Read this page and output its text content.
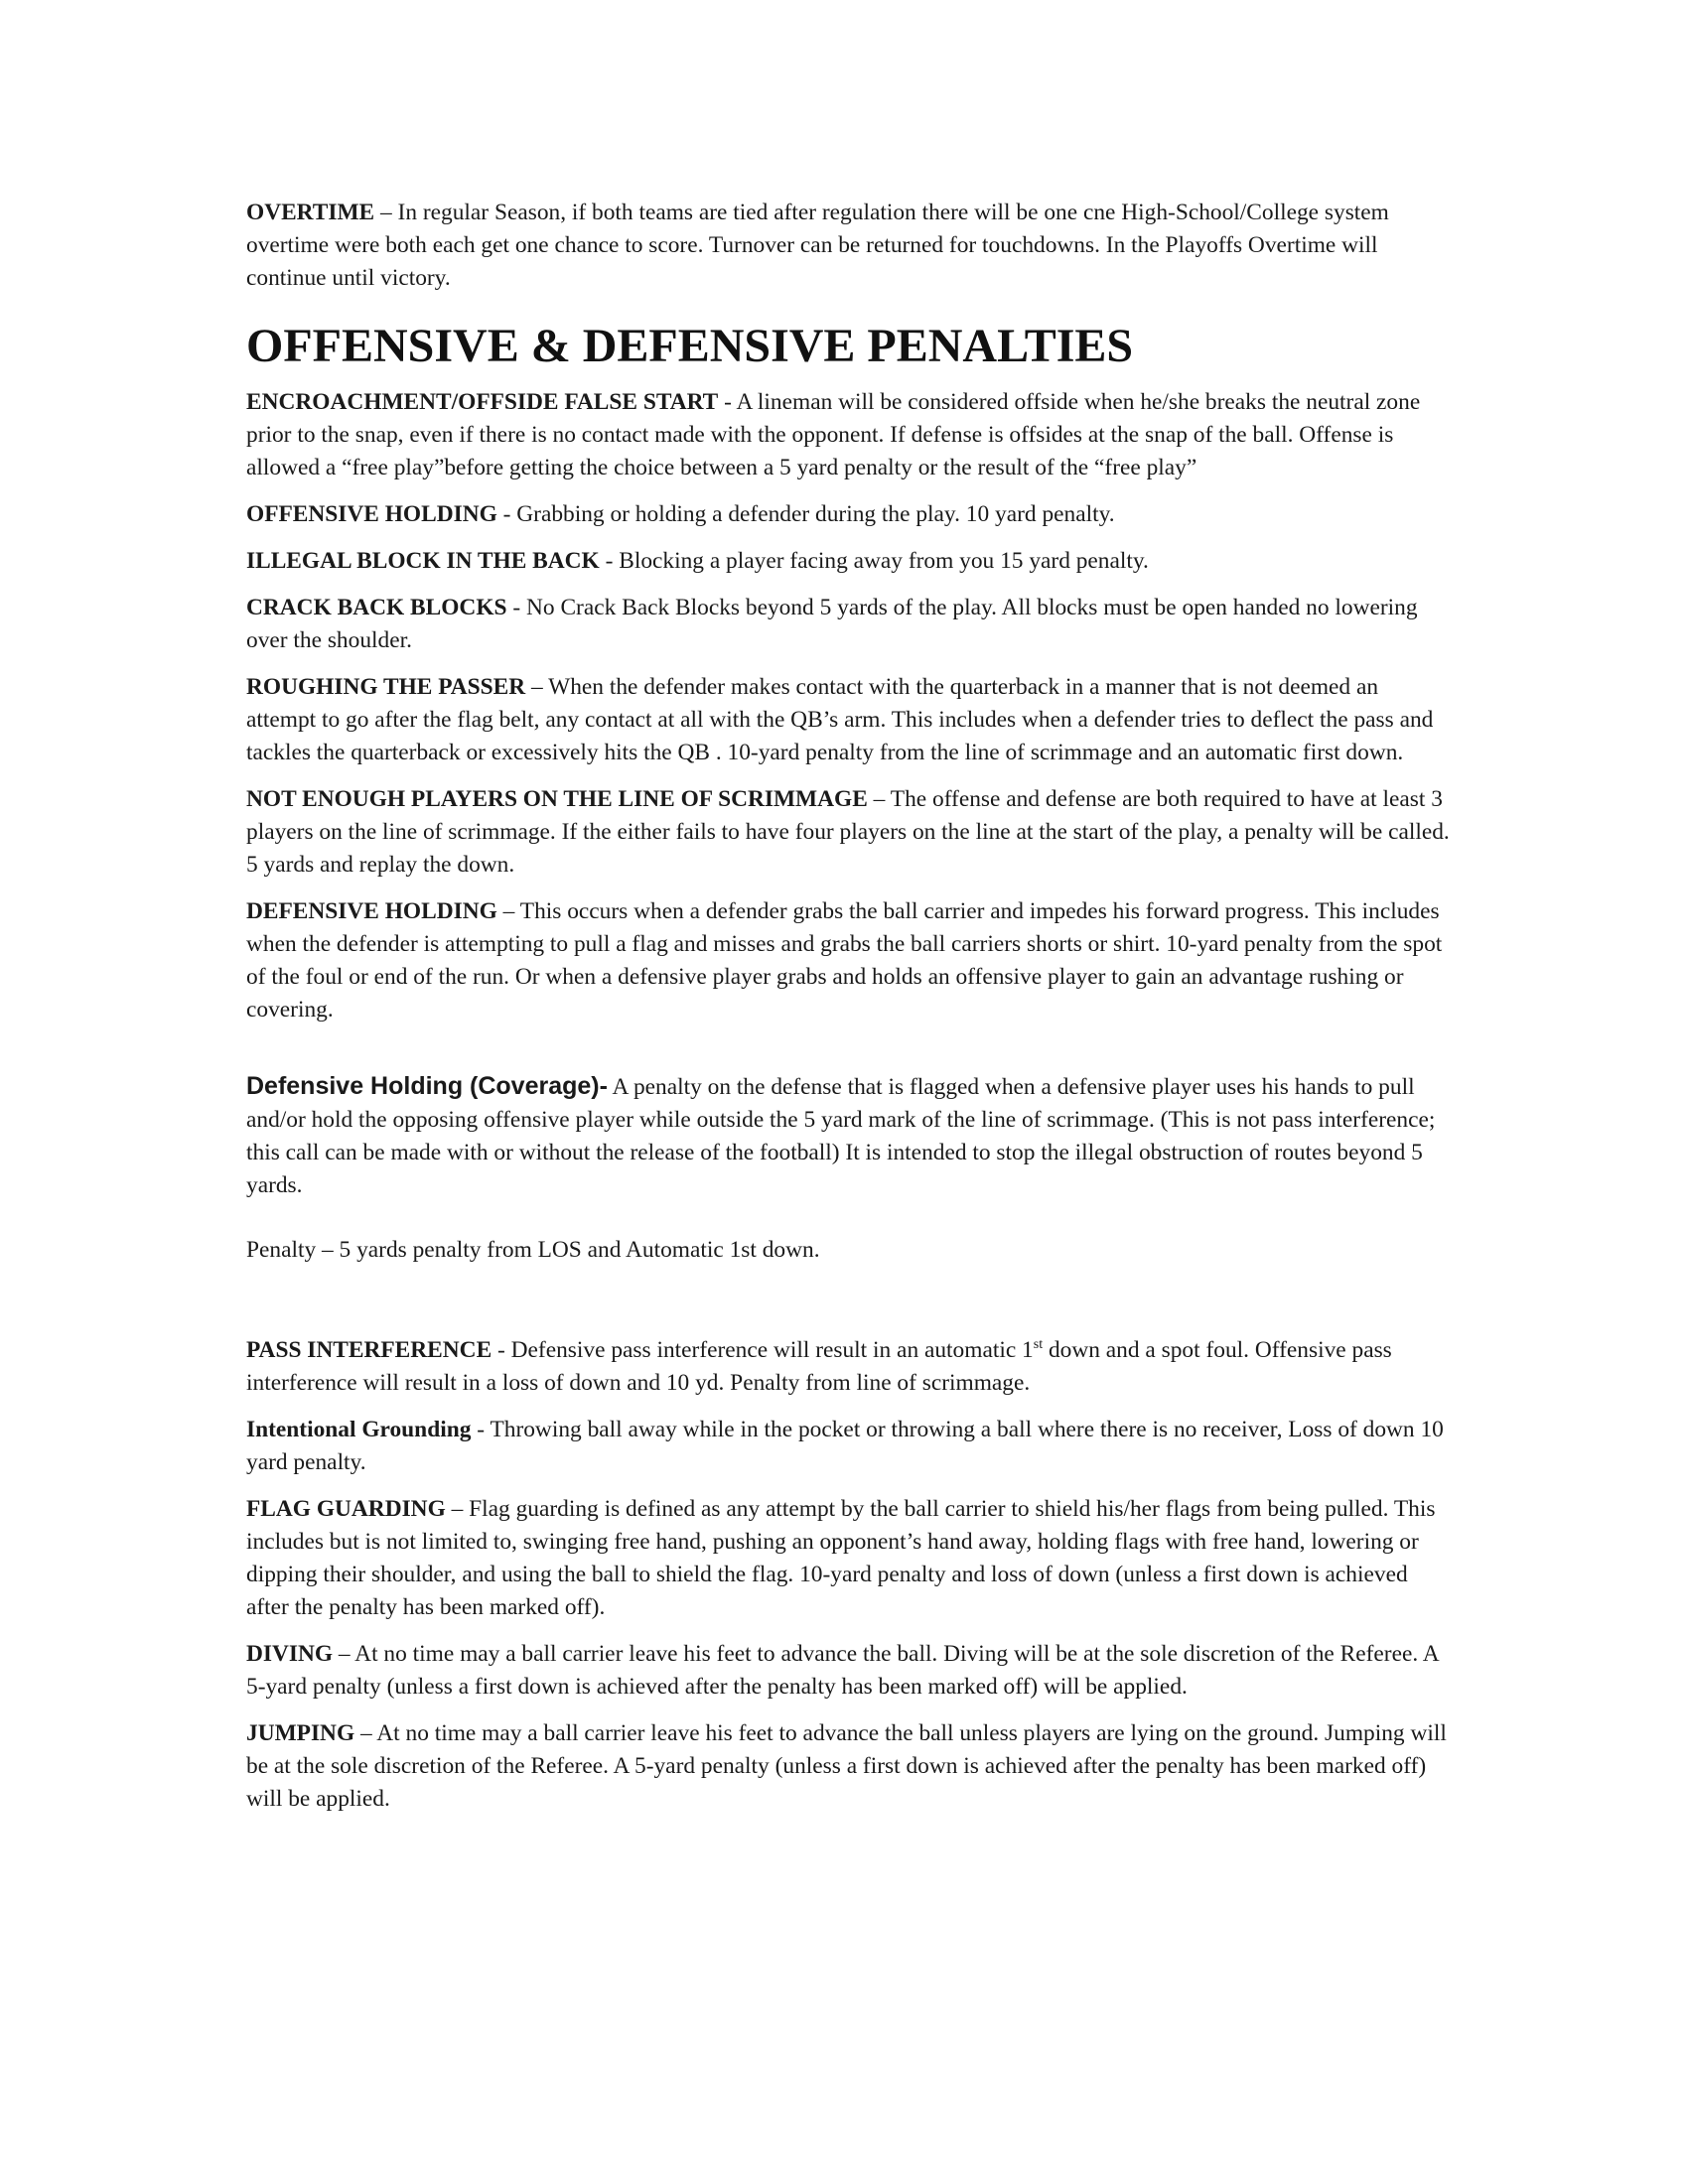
OVERTIME – In regular Season, if both teams are tied after regulation there will be one cne High-School/College system overtime were both each get one chance to score. Turnover can be returned for touchdowns. In the Playoffs Overtime will continue until victory.

OFFENSIVE & DEFENSIVE PENALTIES

ENCROACHMENT/OFFSIDE FALSE START - A lineman will be considered offside when he/she breaks the neutral zone prior to the snap, even if there is no contact made with the opponent. If defense is offsides at the snap of the ball. Offense is allowed a “free play”before getting the choice between a 5 yard penalty or the result of the “free play”

OFFENSIVE HOLDING - Grabbing or holding a defender during the play. 10 yard penalty.

ILLEGAL BLOCK IN THE BACK - Blocking a player facing away from you 15 yard penalty.

CRACK BACK BLOCKS - No Crack Back Blocks beyond 5 yards of the play. All blocks must be open handed no lowering over the shoulder.

ROUGHING THE PASSER – When the defender makes contact with the quarterback in a manner that is not deemed an attempt to go after the flag belt, any contact at all with the QB’s arm. This includes when a defender tries to deflect the pass and tackles the quarterback or excessively hits the QB . 10-yard penalty from the line of scrimmage and an automatic first down.

NOT ENOUGH PLAYERS ON THE LINE OF SCRIMMAGE – The offense and defense are both required to have at least 3 players on the line of scrimmage. If the either fails to have four players on the line at the start of the play, a penalty will be called. 5 yards and replay the down.

DEFENSIVE HOLDING – This occurs when a defender grabs the ball carrier and impedes his forward progress. This includes when the defender is attempting to pull a flag and misses and grabs the ball carriers shorts or shirt. 10-yard penalty from the spot of the foul or end of the run. Or when a defensive player grabs and holds an offensive player to gain an advantage rushing or covering.

Defensive Holding (Coverage)- A penalty on the defense that is flagged when a defensive player uses his hands to pull and/or hold the opposing offensive player while outside the 5 yard mark of the line of scrimmage. (This is not pass interference; this call can be made with or without the release of the football) It is intended to stop the illegal obstruction of routes beyond 5 yards.

Penalty – 5 yards penalty from LOS and Automatic 1st down.

PASS INTERFERENCE - Defensive pass interference will result in an automatic 1st down and a spot foul. Offensive pass interference will result in a loss of down and 10 yd. Penalty from line of scrimmage.

Intentional Grounding - Throwing ball away while in the pocket or throwing a ball where there is no receiver, Loss of down 10 yard penalty.

FLAG GUARDING – Flag guarding is defined as any attempt by the ball carrier to shield his/her flags from being pulled. This includes but is not limited to, swinging free hand, pushing an opponent’s hand away, holding flags with free hand, lowering or dipping their shoulder, and using the ball to shield the flag. 10-yard penalty and loss of down (unless a first down is achieved after the penalty has been marked off).

DIVING – At no time may a ball carrier leave his feet to advance the ball. Diving will be at the sole discretion of the Referee. A 5-yard penalty (unless a first down is achieved after the penalty has been marked off) will be applied.

JUMPING – At no time may a ball carrier leave his feet to advance the ball unless players are lying on the ground. Jumping will be at the sole discretion of the Referee. A 5-yard penalty (unless a first down is achieved after the penalty has been marked off) will be applied.
